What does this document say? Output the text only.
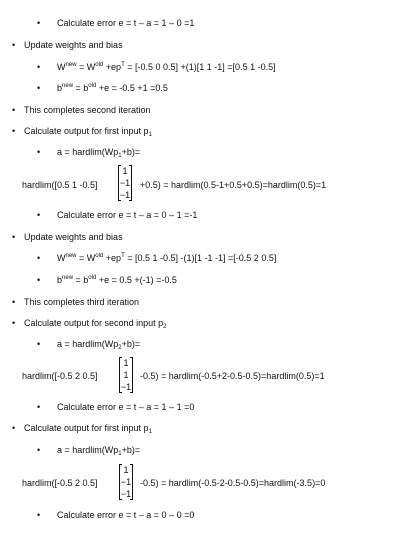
• Calculate error e = t – a = 1 – 0 =1
• Update weights and bias
• $W^{new} = W^{old} +ep^T = [-0.5$ 0 0.5] +(1)[1 1 -1] =[0.5 1 -0.5]
• $b^{new} = b^{old} +e = -0.5 +1 =0.5$
• This completes second iteration
• Calculate output for first input $p_1$
• $a = hardlim(Wp_1+b)=$
hardlim([0.5 1 -0.5]
1
−1
−1
+0.5) = hardlim(0.5-1+0.5+0.5)=hardlim(0.5)=1
• Calculate error e = t – a = 0 – 1 =-1
• Update weights and bias
• $W^{new} = W^{old} +ep^T = [0.5$ 1 -0.5] -(1)[1 -1 -1] =[-0.5 2 0.5]
• $b^{new} = b^{old} +e = 0.5 +(-1) =-0.5$
• This completes third iteration
• Calculate output for second input $p_2$
• $a = hardlim(Wp_2+b)=$
hardlim([-0.5 2 0.5]
1
1
−1
-0.5) = hardlim(-0.5+2-0.5-0.5)=hardlim(0.5)=1
• Calculate error e = t – a = 1 – 1 =0
• Calculate output for first input $p_1$
• $a = hardlim(Wp_1+b)=$
hardlim([-0.5 2 0.5]
1
−1
−1
-0.5) = hardlim(-0.5-2-0.5-0.5)=hardlim(-3.5)=0
• Calculate error e = t – a = 0 – 0 =0
